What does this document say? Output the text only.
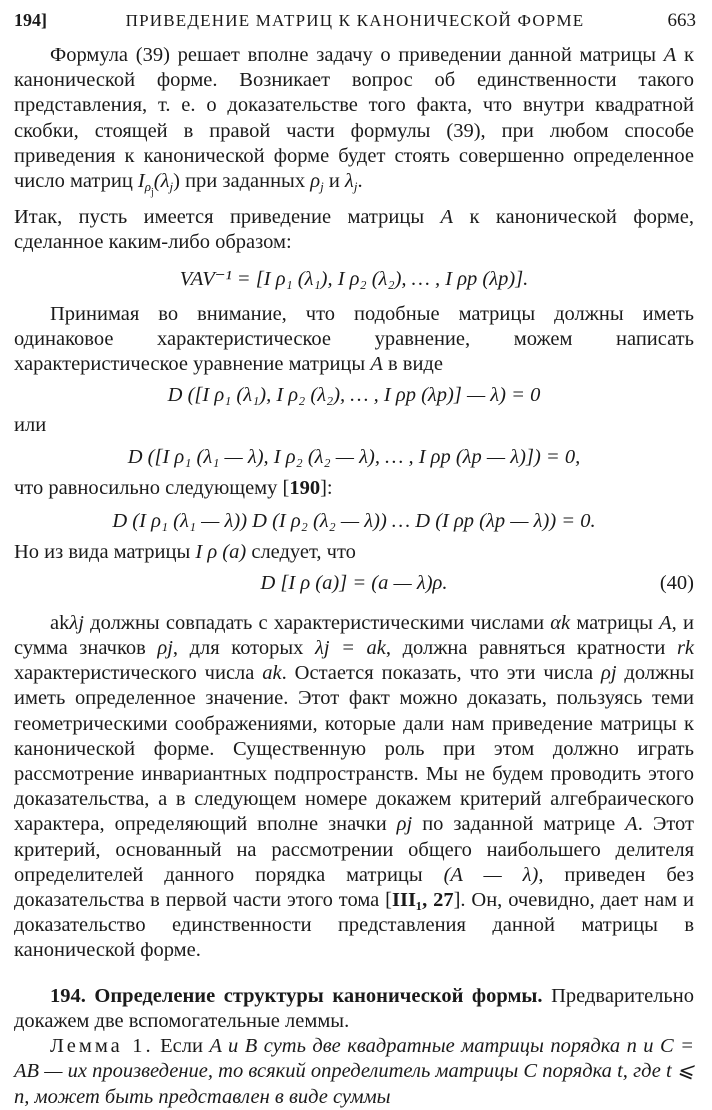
194]	ПРИВЕДЕНИЕ МАТРИЦ К КАНОНИЧЕСКОЙ ФОРМЕ	663

Формула (39) решает вполне задачу о приведении данной матрицы A к канонической форме. Возникает вопрос об единственности такого представления, т. е. о доказательстве того факта, что внутри квадратной скобки, стоящей в правой части формулы (39), при любом способе приведения к канонической форме будет стоять совершенно определенное число матриц $I_{\rho_j}(\lambda_j)$ при заданных $\rho_j$ и $\lambda_j$.

Итак, пусть имеется приведение матрицы A к канонической форме, сделанное каким-либо образом:

VAV⁻¹ = [I ρ₁ (λ₁), I ρ₂ (λ₂), … , I ρp (λp)].

Принимая во внимание, что подобные матрицы должны иметь одинаковое характеристическое уравнение, можем написать характеристическое уравнение матрицы A в виде

D ([I ρ₁ (λ₁), I ρ₂ (λ₂), … , I ρp (λp)] — λ) = 0

или

D ([I ρ₁ (λ₁ — λ), I ρ₂ (λ₂ — λ), … , I ρp (λp — λ)]) = 0,

что равносильно следующему [190]:

D (I ρ₁ (λ₁ — λ)) D (I ρ₂ (λ₂ — λ)) … D (I ρp (λp — λ)) = 0.

Но из вида матрицы I ρ (a) следует, что

D [I ρ (a)] = (a — λ)ρ.	(40)

akλj должны совпадать с характеристическими числами αk матрицы A, и сумма значков ρj, для которых λj = ak, должна равняться кратности rk характеристического числа ak. Остается показать, что эти числа ρj должны иметь определенное значение. Этот факт можно доказать, пользуясь теми геометрическими соображениями, которые дали нам приведение матрицы к канонической форме. Существенную роль при этом должно играть рассмотрение инвариантных подпространств. Мы не будем проводить этого доказательства, а в следующем номере докажем критерий алгебраического характера, определяющий вполне значки ρj по заданной матрице A. Этот критерий, основанный на рассмотрении общего наибольшего делителя определителей данного порядка матрицы (A — λ), приведен без доказательства в первой части этого тома [III₁, 27]. Он, очевидно, дает нам и доказательство единственности представления данной матрицы в канонической форме.

194. Определение структуры канонической формы. Предварительно докажем две вспомогательные леммы.

Лемма 1. Если A и B суть две квадратные матрицы порядка n и C = AB — их произведение, то всякий определитель матрицы C порядка t, где t ⩽ n, может быть представлен в виде суммы
